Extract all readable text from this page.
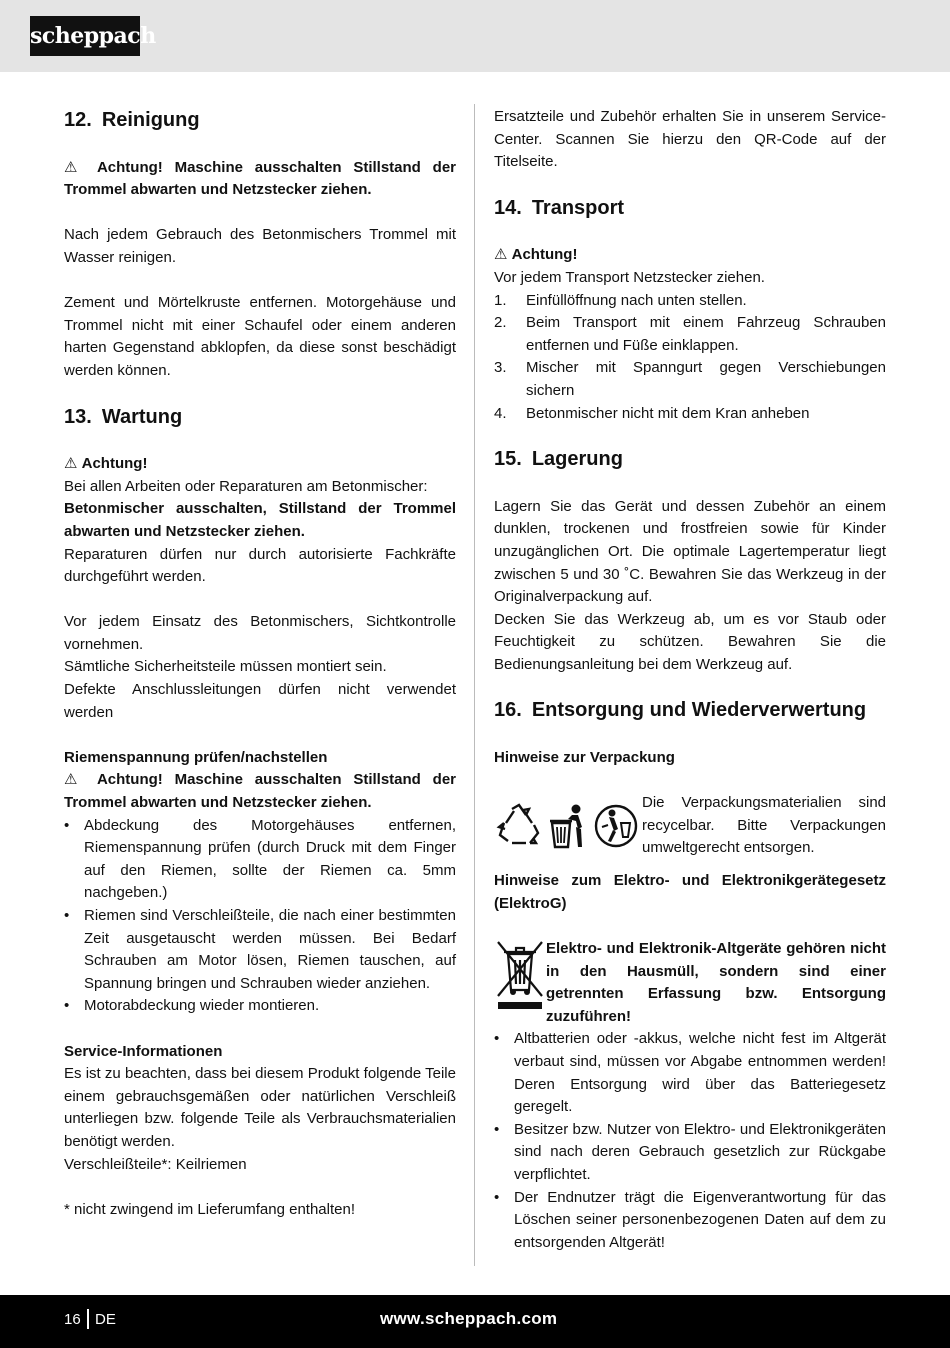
scheppach
12. Reinigung

⚠ Achtung! Maschine ausschalten Stillstand der Trommel abwarten und Netzstecker ziehen.

Nach jedem Gebrauch des Betonmischers Trommel mit Wasser reinigen.

Zement und Mörtelkruste entfernen. Motorgehäuse und Trommel nicht mit einer Schaufel oder einem anderen harten Gegenstand abklopfen, da diese sonst beschädigt werden können.

13. Wartung

⚠ Achtung!

Bei allen Arbeiten oder Reparaturen am Betonmischer:

Betonmischer ausschalten, Stillstand der Trommel abwarten und Netzstecker ziehen.

Reparaturen dürfen nur durch autorisierte Fachkräfte durchgeführt werden.

Vor jedem Einsatz des Betonmischers, Sichtkontrolle vornehmen.

Sämtliche Sicherheitsteile müssen montiert sein.

Defekte Anschlussleitungen dürfen nicht verwendet werden

Riemenspannung prüfen/nachstellen

⚠ Achtung! Maschine ausschalten Stillstand der Trommel abwarten und Netzstecker ziehen.

• Abdeckung des Motorgehäuses entfernen, Riemenspannung prüfen (durch Druck mit dem Finger auf den Riemen, sollte der Riemen ca. 5mm nachgeben.)
• Riemen sind Verschleißteile, die nach einer bestimmten Zeit ausgetauscht werden müssen. Bei Bedarf Schrauben am Motor lösen, Riemen tauschen, auf Spannung bringen und Schrauben wieder anziehen.
• Motorabdeckung wieder montieren.

Service-Informationen

Es ist zu beachten, dass bei diesem Produkt folgende Teile einem gebrauchsgemäßen oder natürlichen Verschleiß unterliegen bzw. folgende Teile als Verbrauchsmaterialien benötigt werden.

Verschleißteile*: Keilriemen

* nicht zwingend im Lieferumfang enthalten!

Ersatzteile und Zubehör erhalten Sie in unserem Service-Center. Scannen Sie hierzu den QR-Code auf der Titelseite.

14. Transport

⚠ Achtung!

Vor jedem Transport Netzstecker ziehen.

1. Einfüllöffnung nach unten stellen.
2. Beim Transport mit einem Fahrzeug Schrauben entfernen und Füße einklappen.
3. Mischer mit Spanngurt gegen Verschiebungen sichern
4. Betonmischer nicht mit dem Kran anheben
15. Lagerung

Lagern Sie das Gerät und dessen Zubehör an einem dunklen, trockenen und frostfreien sowie für Kinder unzugänglichen Ort. Die optimale Lagertemperatur liegt zwischen 5 und 30 ˚C. Bewahren Sie das Werkzeug in der Originalverpackung auf.

Decken Sie das Werkzeug ab, um es vor Staub oder Feuchtigkeit zu schützen. Bewahren Sie die Bedienungsanleitung bei dem Werkzeug auf.

16. Entsorgung und Wiederverwertung

Hinweise zur Verpackung

Die Verpackungsmaterialien sind recycelbar. Bitte Verpackungen umweltgerecht entsorgen.

Hinweise zum Elektro- und Elektronikgerätegesetz (ElektroG)

Elektro- und Elektronik-Altgeräte gehören nicht in den Hausmüll, sondern sind einer getrennten Erfassung bzw. Entsorgung zuzuführen!

• Altbatterien oder -akkus, welche nicht fest im Altgerät verbaut sind, müssen vor Abgabe entnommen werden! Deren Entsorgung wird über das Batteriegesetz geregelt.
• Besitzer bzw. Nutzer von Elektro- und Elektronikgeräten sind nach deren Gebrauch gesetzlich zur Rückgabe verpflichtet.
• Der Endnutzer trägt die Eigenverantwortung für das Löschen seiner personenbezogenen Daten auf dem zu entsorgenden Altgerät!
16 DE	www.scheppach.com
